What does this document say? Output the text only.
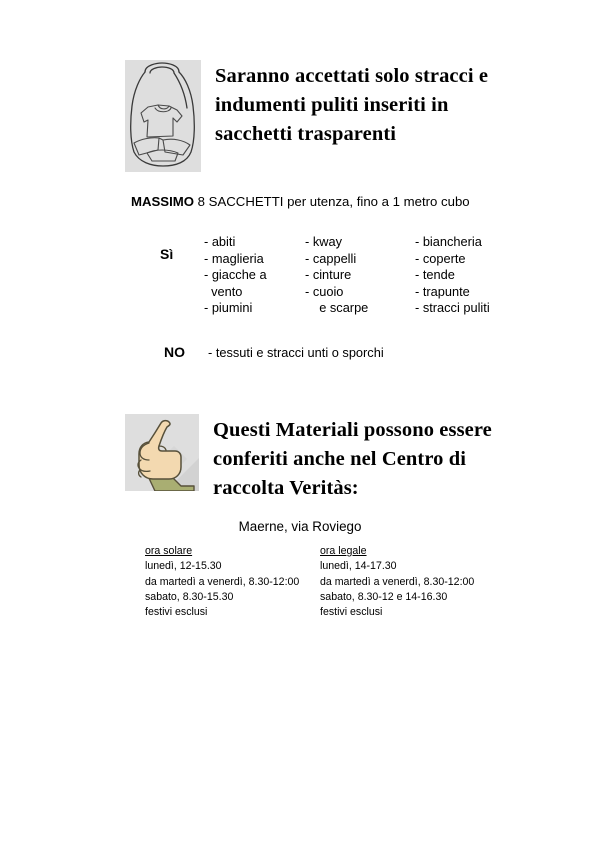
Saranno accettati solo stracci e indumenti puliti inseriti in sacchetti trasparenti
MASSIMO 8 SACCHETTI per utenza, fino a 1 metro cubo
Sì
- abiti
- maglieria
- giacche a
vento
- piumini
- kway
- cappelli
- cinture
- cuoio
e scarpe
- biancheria
- coperte
- tende
- trapunte
- stracci puliti
NO	- tessuti e stracci unti o sporchi
Questi Materiali possono essere conferiti anche nel Centro di raccolta Veritàs:
Maerne, via Roviego
ora solare
lunedì, 12-15.30
da martedì a venerdì, 8.30-12:00
sabato, 8.30-15.30
festivi esclusi
ora legale
lunedì, 14-17.30
da martedì a venerdì, 8.30-12:00
sabato, 8.30-12 e 14-16.30
festivi esclusi
